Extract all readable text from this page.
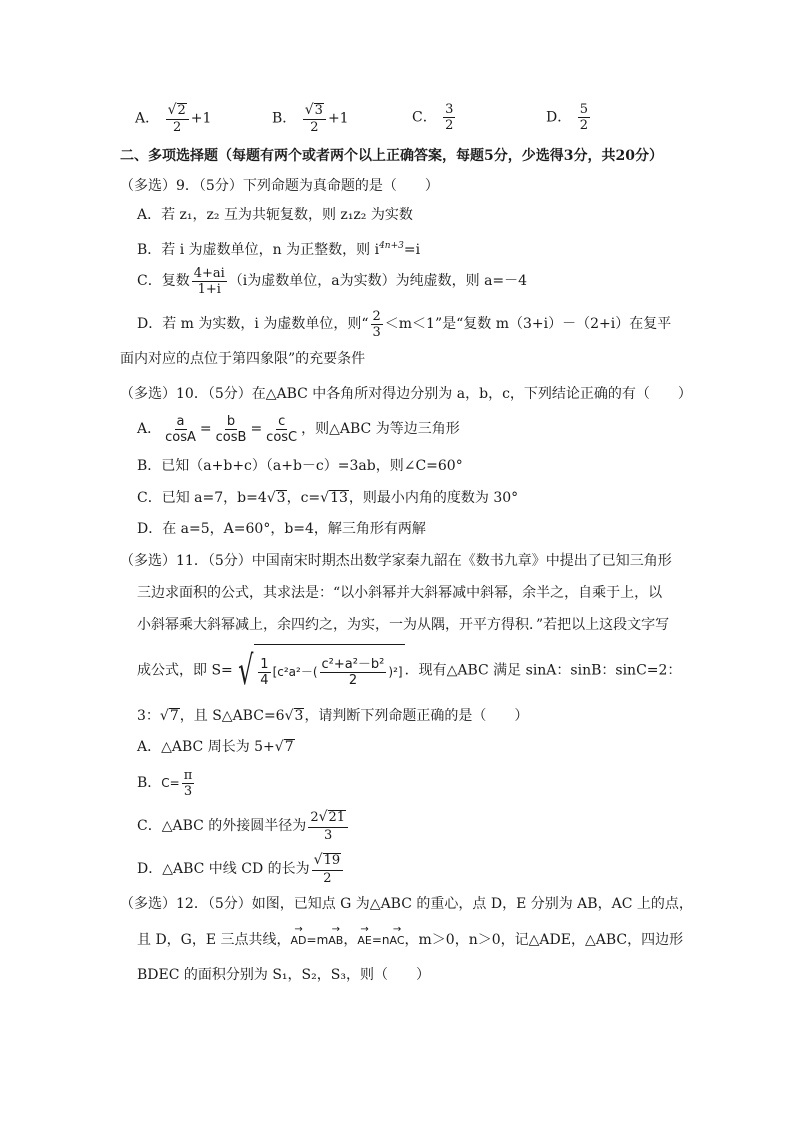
A． $\frac{√2}{2} +1$	B． $\frac{√3}{2} +1$	C． $\frac{3}{2}$	D． $\frac{5}{2}$
二、多项选择题（每题有两个或者两个以上正确答案，每题5分，少选得3分，共20分）
（多选）9．（5分）下列命题为真命题的是（　　）
A．若 z₁，z₂ 互为共轭复数，则 z₁z₂ 为实数
B．若 i 为虚数单位，n 为正整数，则 $i^{4n+3}=i$
C．复数 $\frac{4+ai}{1+i} (i$为虚数单位，a为实数）为纯虚数，则 a=－4
D．若 m 为实数，i 为虚数单位，则“ $\frac{2}{3} <m<1$”是“复数 m（3+i）－（2+i）在复平
面内对应的点位于第四象限”的充要条件
（多选）10．（5分）在△ABC 中各角所对得边分别为 a，b，c，下列结论正确的有（　　）
A． $\frac{a}{\cos A} = \frac{b}{\cos B} = \frac{c}{\cos C}$ ，则△ABC 为等边三角形
B．已知（a+b+c）（a+b－c）=3ab，则∠C=60°
C．已知 a=7，b=4√3，c=√13，则最小内角的度数为 30°
D．在 a=5，A=60°，b=4，解三角形有两解
（多选）11．（5分）中国南宋时期杰出数学家秦九韶在《数书九章》中提出了已知三角形
三边求面积的公式，其求法是：“以小斜幂并大斜幂减中斜幂，余半之，自乘于上，以
小斜幂乘大斜幂减上，余四约之，为实，一为从隅，开平方得积．”若把以上这段文字写
成公式，即 S= √ $\frac{1}{4} [c^2a^2-( \frac{\text{c²+a²－b²}}{2} )^2]$ ．现有△ABC 满足 sinA：sinB：sinC=2：
3：√7，且 S△ABC=6√3，请判断下列命题正确的是（　　）
A．△ABC 周长为 5+√7
B．$C= \frac{\pi}{3}$
C．△ABC 的外接圆半径为 $\frac{2√21}{3}$
D．△ABC 中线 CD 的长为 $\frac{√19}{2}$
（多选）12．（5分）如图，已知点 G 为△ABC 的重心，点 D，E 分别为 AB，AC 上的点，
且 D，G，E 三点共线，→ AD=m→ AB，→ AE=n→ AC，m＞0，n＞0，记△ADE，△ABC，四边形
BDEC 的面积分别为 S₁，S₂，S₃，则（　　）
